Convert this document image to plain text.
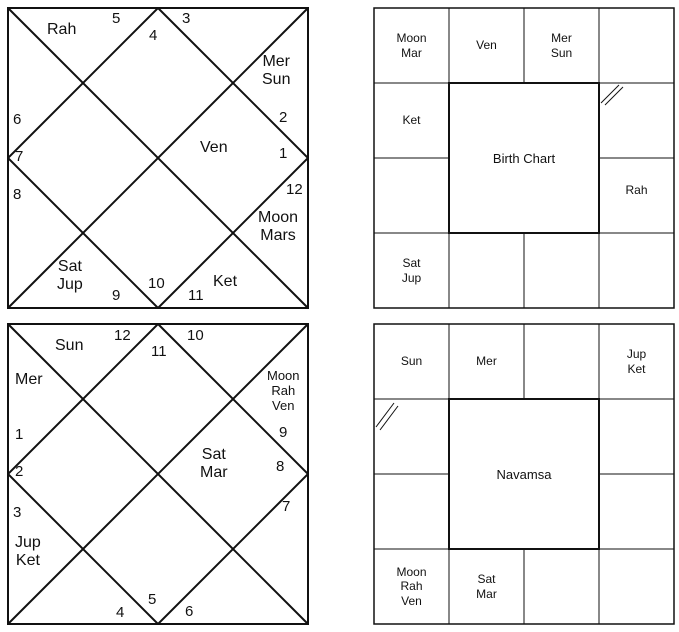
Rah
5
4
3
Mer
Sun
6	2
Ven
7	1
8	12
Moon
Mars
Sat
Jup
9
10
11
Ket
Moon
Mar
Ven
Mer
Sun
Ket
Rah
Sat
Jup
Birth Chart
Sun
12
11
10
Mer	Moon
Rah
Ven
1	9
Sat
Mar
2	8
3	7
Jup
Ket
4
5
6
Sun	Mer
Jup
Ket
Moon
Rah
Ven
Sat
Mar
Navamsa
